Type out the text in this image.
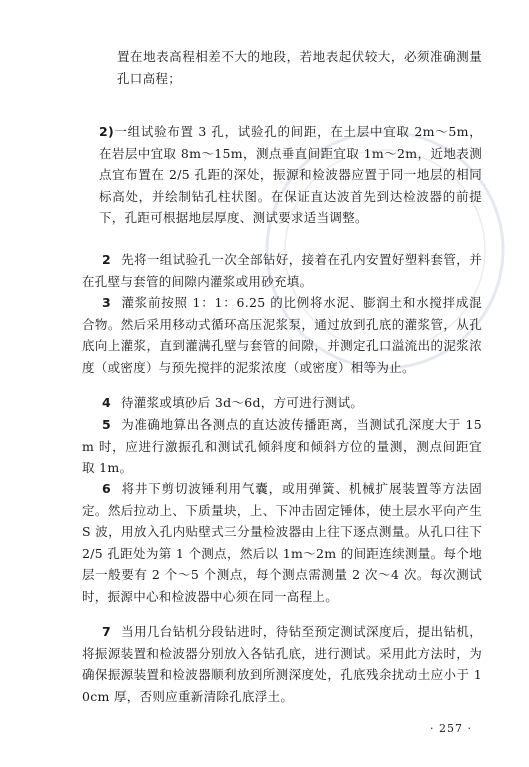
置在地表高程相差不大的地段，若地表起伏较大，必须准确测量孔口高程；
2)一组试验布置 3 孔，试验孔的间距，在土层中宜取 2m～5m，在岩层中宜取 8m～15m，测点垂直间距宜取 1m～2m，近地表测点宜布置在 2/5 孔距的深处，振源和检波器应置于同一地层的相同标高处，并绘制钻孔柱状图。在保证直达波首先到达检波器的前提下，孔距可根据地层厚度、测试要求适当调整。
2 先将一组试验孔一次全部钻好，接着在孔内安置好塑料套管，并在孔壁与套管的间隙内灌浆或用砂充填。
3 灌浆前按照 1：1：6.25 的比例将水泥、膨润土和水搅拌成混合物。然后采用移动式循环高压泥浆泵，通过放到孔底的灌浆管，从孔底向上灌浆，直到灌满孔壁与套管的间隙，并测定孔口溢流出的泥浆浓度（或密度）与预先搅拌的泥浆浓度（或密度）相等为止。
4 待灌浆或填砂后 3d～6d，方可进行测试。
5 为准确地算出各测点的直达波传播距离，当测试孔深度大于 15m 时，应进行激振孔和测试孔倾斜度和倾斜方位的量测，测点间距宜取 1m。
6 将井下剪切波锤利用气囊，或用弹簧、机械扩展装置等方法固定。然后拉动上、下质量块，上、下冲击固定锤体，使土层水平向产生 S 波，用放入孔内贴壁式三分量检波器由上往下逐点测量。从孔口往下 2/5 孔距处为第 1 个测点，然后以 1m～2m 的间距连续测量。每个地层一般要有 2 个～5 个测点，每个测点需测量 2 次～4 次。每次测试时，振源中心和检波器中心须在同一高程上。
7 当用几台钻机分段钻进时，待钻至预定测试深度后，提出钻机，将振源装置和检波器分别放入各钻孔底，进行测试。采用此方法时，为确保振源装置和检波器顺利放到所测深度处，孔底残余扰动土应小于 10cm 厚，否则应重新清除孔底浮土。
· 257 ·
